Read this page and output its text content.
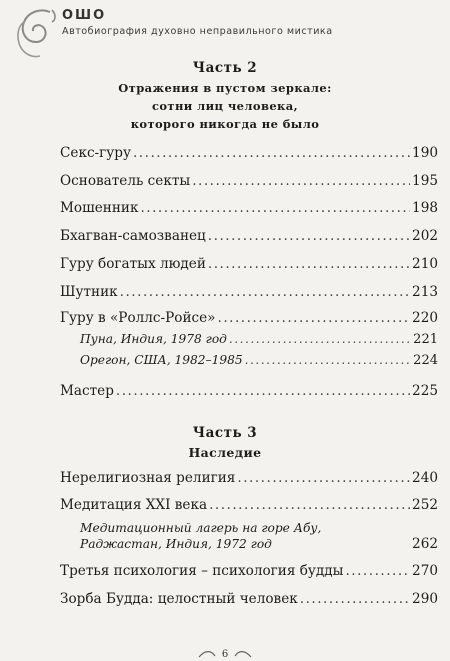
ОШО
Автобиография духовно неправильного мистика
Часть 2
Отражения в пустом зеркале:
сотни лиц человека,
которого никогда не было
Секс-гуру .....	190
Основатель секты .....	195
Мошенник .....	198
Бхагван-самозванец .....	202
Гуру богатых людей .....	210
Шутник .....	213
Гуру в «Роллс-Ройсе» .....	220
Пуна, Индия, 1978 год .....	221
Орегон, США, 1982–1985 .....	224
Мастер .....	225
Часть 3
Наследие
Нерелигиозная религия .....	240
Медитация XXI века .....	252
Медитационный лагерь на горе Абу,
Раджастан, Индия, 1972 год	262
Третья психология – психология будды .....	270
Зорба Будда: целостный человек .....	290
6
